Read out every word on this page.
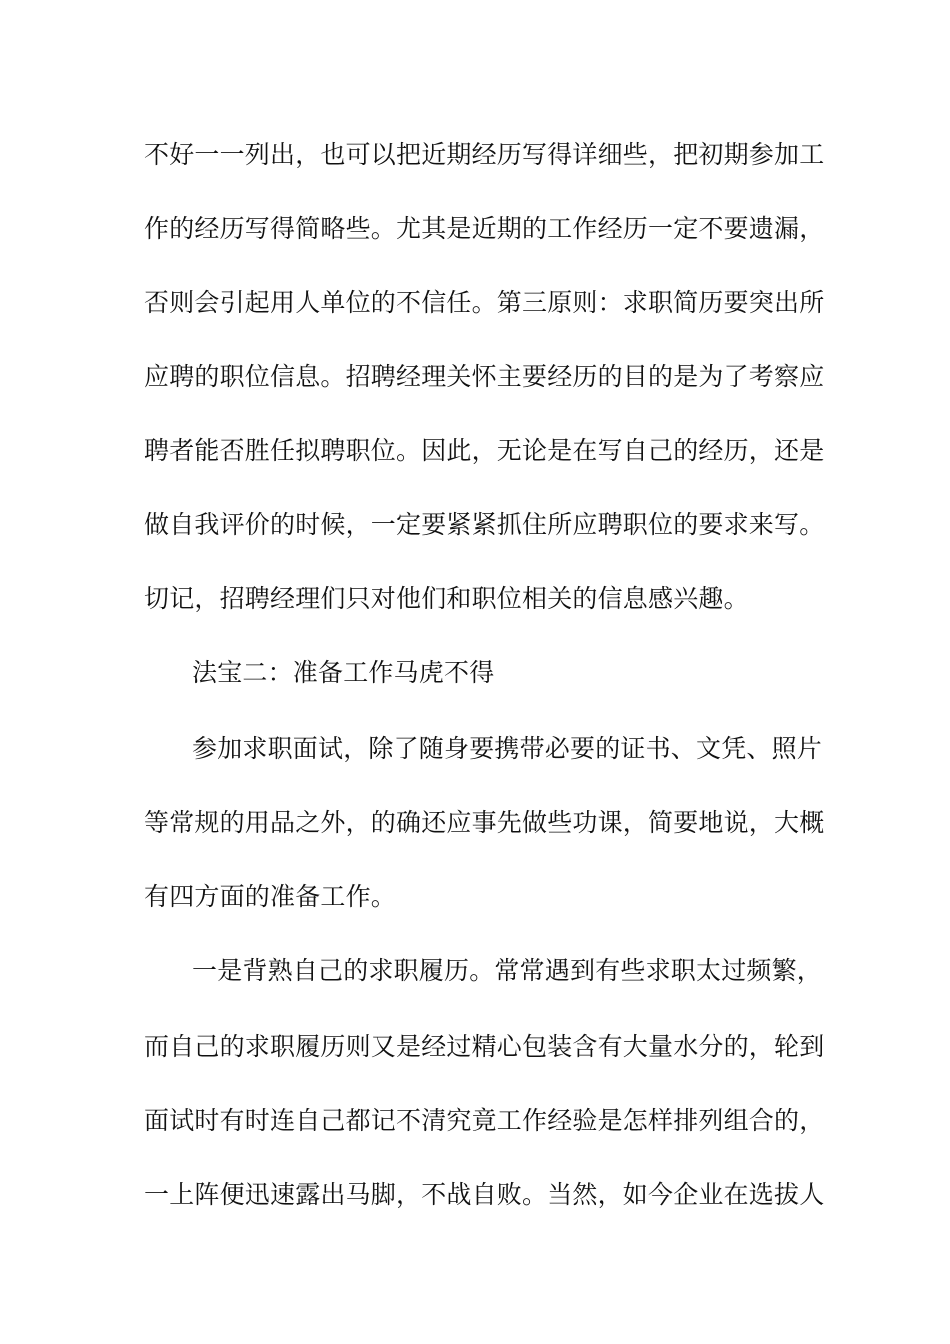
不好一一列出，也可以把近期经历写得详细些，把初期参加工
作的经历写得简略些。尤其是近期的工作经历一定不要遗漏，
否则会引起用人单位的不信任。第三原则：求职简历要突出所
应聘的职位信息。招聘经理关怀主要经历的目的是为了考察应
聘者能否胜任拟聘职位。因此，无论是在写自己的经历，还是
做自我评价的时候，一定要紧紧抓住所应聘职位的要求来写。
切记，招聘经理们只对他们和职位相关的信息感兴趣。
法宝二：准备工作马虎不得
参加求职面试，除了随身要携带必要的证书、文凭、照片
等常规的用品之外，的确还应事先做些功课，简要地说，大概
有四方面的准备工作。
一是背熟自己的求职履历。常常遇到有些求职太过频繁，
而自己的求职履历则又是经过精心包装含有大量水分的，轮到
面试时有时连自己都记不清究竟工作经验是怎样排列组合的，
一上阵便迅速露出马脚，不战自败。当然，如今企业在选拔人
